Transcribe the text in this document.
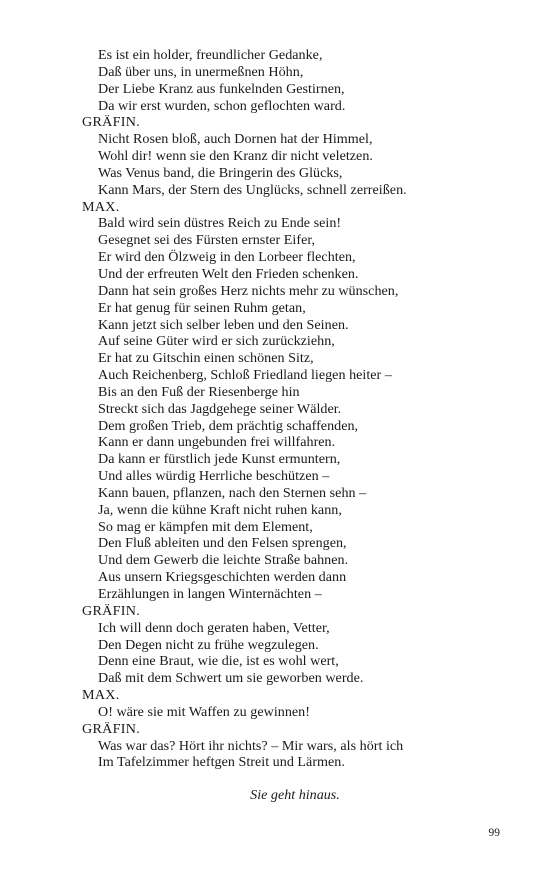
Es ist ein holder, freundlicher Gedanke,
Daß über uns, in unermeßnen Höhn,
Der Liebe Kranz aus funkelnden Gestirnen,
Da wir erst wurden, schon geflochten ward.
GRÄFIN.
Nicht Rosen bloß, auch Dornen hat der Himmel,
Wohl dir! wenn sie den Kranz dir nicht veletzen.
Was Venus band, die Bringerin des Glücks,
Kann Mars, der Stern des Unglücks, schnell zerreißen.
MAX.
Bald wird sein düstres Reich zu Ende sein!
Gesegnet sei des Fürsten ernster Eifer,
Er wird den Ölzweig in den Lorbeer flechten,
Und der erfreuten Welt den Frieden schenken.
Dann hat sein großes Herz nichts mehr zu wünschen,
Er hat genug für seinen Ruhm getan,
Kann jetzt sich selber leben und den Seinen.
Auf seine Güter wird er sich zurückziehn,
Er hat zu Gitschin einen schönen Sitz,
Auch Reichenberg, Schloß Friedland liegen heiter –
Bis an den Fuß der Riesenberge hin
Streckt sich das Jagdgehege seiner Wälder.
Dem großen Trieb, dem prächtig schaffenden,
Kann er dann ungebunden frei willfahren.
Da kann er fürstlich jede Kunst ermuntern,
Und alles würdig Herrliche beschützen –
Kann bauen, pflanzen, nach den Sternen sehn –
Ja, wenn die kühne Kraft nicht ruhen kann,
So mag er kämpfen mit dem Element,
Den Fluß ableiten und den Felsen sprengen,
Und dem Gewerb die leichte Straße bahnen.
Aus unsern Kriegsgeschichten werden dann
Erzählungen in langen Winternächten –
GRÄFIN.
Ich will denn doch geraten haben, Vetter,
Den Degen nicht zu frühe wegzulegen.
Denn eine Braut, wie die, ist es wohl wert,
Daß mit dem Schwert um sie geworben werde.
MAX.
O! wäre sie mit Waffen zu gewinnen!
GRÄFIN.
Was war das? Hört ihr nichts? – Mir wars, als hört ich
Im Tafelzimmer heftgen Streit und Lärmen.
Sie geht hinaus.
99
